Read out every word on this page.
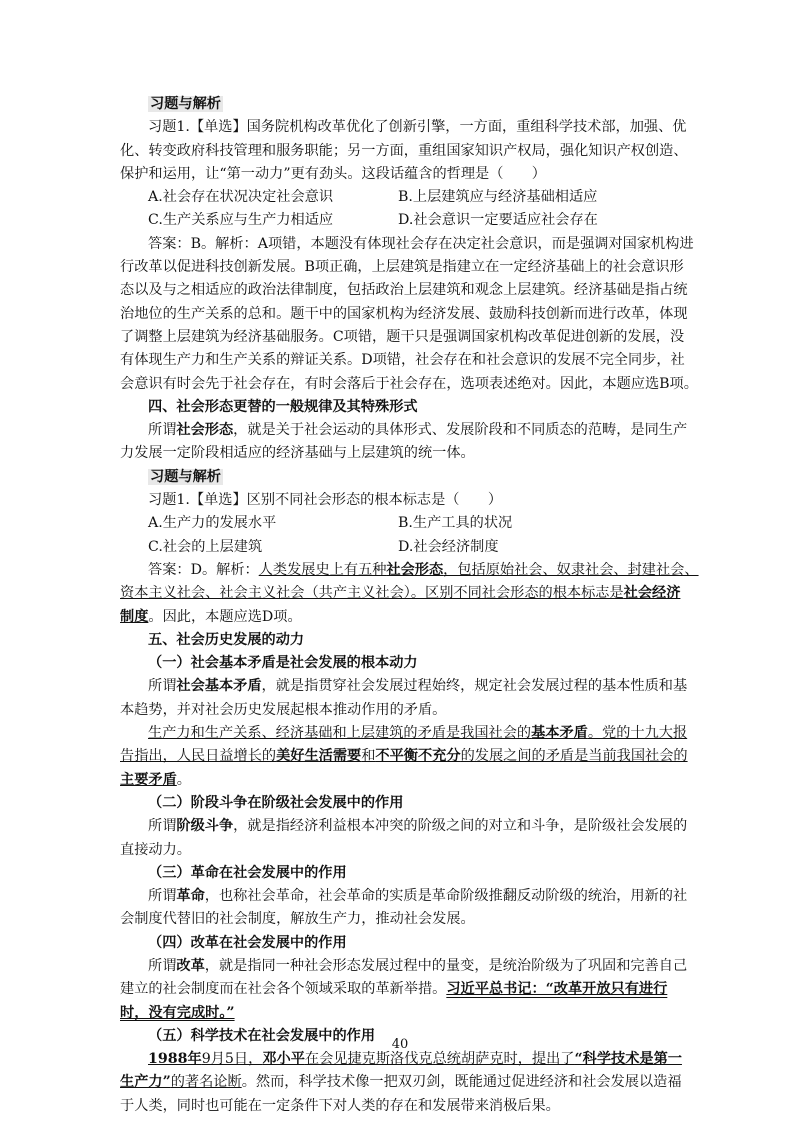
习题与解析
习题1.【单选】国务院机构改革优化了创新引擎，一方面，重组科学技术部，加强、优
化、转变政府科技管理和服务职能；另一方面，重组国家知识产权局，强化知识产权创造、
保护和运用，让“第一动力”更有劲头。这段话蕴含的哲理是（　　）
A.社会存在状况决定社会意识	B.上层建筑应与经济基础相适应
C.生产关系应与生产力相适应	D.社会意识一定要适应社会存在
答案：B。解析：A项错，本题没有体现社会存在决定社会意识，而是强调对国家机构进
行改革以促进科技创新发展。B项正确，上层建筑是指建立在一定经济基础上的社会意识形
态以及与之相适应的政治法律制度，包括政治上层建筑和观念上层建筑。经济基础是指占统
治地位的生产关系的总和。题干中的国家机构为经济发展、鼓励科技创新而进行改革，体现
了调整上层建筑为经济基础服务。C项错，题干只是强调国家机构改革促进创新的发展，没
有体现生产力和生产关系的辩证关系。D项错，社会存在和社会意识的发展不完全同步，社
会意识有时会先于社会存在，有时会落后于社会存在，选项表述绝对。因此，本题应选B项。
四、社会形态更替的一般规律及其特殊形式
所谓社会形态，就是关于社会运动的具体形式、发展阶段和不同质态的范畴，是同生产
力发展一定阶段相适应的经济基础与上层建筑的统一体。
习题与解析
习题1.【单选】区别不同社会形态的根本标志是（　　）
A.生产力的发展水平	B.生产工具的状况
C.社会的上层建筑	D.社会经济制度
答案：D。解析：人类发展史上有五种社会形态，包括原始社会、奴隶社会、封建社会、
资本主义社会、社会主义社会（共产主义社会）。区别不同社会形态的根本标志是社会经济
制度。因此，本题应选D项。
五、社会历史发展的动力
（一）社会基本矛盾是社会发展的根本动力
所谓社会基本矛盾，就是指贯穿社会发展过程始终，规定社会发展过程的基本性质和基
本趋势，并对社会历史发展起根本推动作用的矛盾。
生产力和生产关系、经济基础和上层建筑的矛盾是我国社会的基本矛盾。党的十九大报
告指出，人民日益增长的美好生活需要和不平衡不充分的发展之间的矛盾是当前我国社会的
主要矛盾。
（二）阶段斗争在阶级社会发展中的作用
所谓阶级斗争，就是指经济利益根本冲突的阶级之间的对立和斗争，是阶级社会发展的
直接动力。
（三）革命在社会发展中的作用
所谓革命，也称社会革命，社会革命的实质是革命阶级推翻反动阶级的统治，用新的社
会制度代替旧的社会制度，解放生产力，推动社会发展。
（四）改革在社会发展中的作用
所谓改革，就是指同一种社会形态发展过程中的量变，是统治阶级为了巩固和完善自己
建立的社会制度而在社会各个领域采取的革新举措。习近平总书记：“改革开放只有进行
时，没有完成时。”
（五）科学技术在社会发展中的作用
1988年9月5日，邓小平在会见捷克斯洛伐克总统胡萨克时，提出了“科学技术是第一
生产力”的著名论断。然而，科学技术像一把双刃剑，既能通过促进经济和社会发展以造福
于人类，同时也可能在一定条件下对人类的存在和发展带来消极后果。
40
